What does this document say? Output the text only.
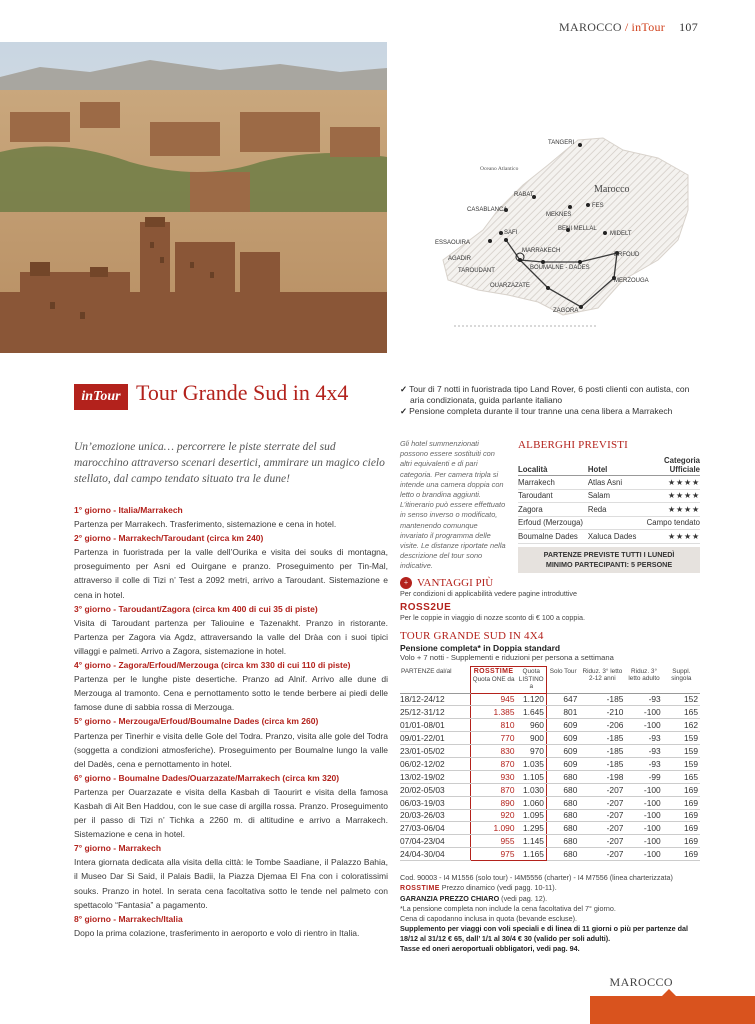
MAROCCO / inTour 107
Oceano Atlantico
Marocco
TANGERI
RABAT
CASABLANCA
MEKNES
FES
BENI MELLAL
MIDELT
SAFI
ESSAOUIRA
MARRAKECH
ERFOUD
AGADIR
TAROUDANT	BOUMALNE - DADES
OUARZAZATE
MERZOUGA
ZAGORA
inTour Tour Grande Sud in 4x4	✓ Tour di 7 notti in fuoristrada tipo Land Rover, 6 posti clienti con autista, con aria condizionata, guida parlante italiano
✓ Pensione completa durante il tour tranne una cena libera a Marrakech
Un’emozione unica… percorrere le piste sterrate del sud marocchino attraverso scenari desertici, ammirare un magico cielo stellato, dal campo tendato situato tra le dune!
1° giorno - Italia/Marrakech
Partenza per Marrakech. Trasferimento, sistemazione e cena in hotel.
2° giorno - Marrakech/Taroudant (circa km 240)
Partenza in fuoristrada per la valle dell’Ourika e visita dei souks di montagna, proseguimento per Asni ed Ouirgane e pranzo. Proseguimento per Tin-Mal, attraverso il colle di Tizi n’ Test a 2092 metri, arrivo a Taroudant. Sistemazione e cena in hotel.
3° giorno - Taroudant/Zagora (circa km 400 di cui 35 di piste)
Visita di Taroudant partenza per Taliouine e Tazenakht. Pranzo in ristorante. Partenza per Zagora via Agdz, attraversando la valle del Dràa con i suoi tipici villaggi e palmeti. Arrivo a Zagora, sistemazione in hotel.
4° giorno - Zagora/Erfoud/Merzouga (circa km 330 di cui 110 di piste)
Partenza per le lunghe piste desertiche. Pranzo ad Alnif. Arrivo alle dune di Merzouga al tramonto. Cena e pernottamento sotto le tende berbere ai piedi delle famose dune di sabbia rossa di Merzouga.
5° giorno - Merzouga/Erfoud/Boumalne Dades (circa km 260)
Partenza per Tinerhir e visita delle Gole del Todra. Pranzo, visita alle gole del Todra (soggetta a condizioni atmosferiche). Proseguimento per Boumalne lungo la valle del Dadès, cena e pernottamento in hotel.
6° giorno - Boumalne Dades/Ouarzazate/Marrakech (circa km 320)
Partenza per Ouarzazate e visita della Kasbah di Taourirt e visita della famosa Kasbah di Ait Ben Haddou, con le sue case di argilla rossa. Pranzo. Proseguimento per il passo di Tizi n’ Tichka a 2260 m. di altitudine e arrivo a Marrakech. Sistemazione e cena in hotel.
7° giorno - Marrakech
Intera giornata dedicata alla visita della città: le Tombe Saadiane, il Palazzo Bahia, il Museo Dar Si Said, il Palais Badii, la Piazza Djemaa El Fna con i coloratissimi souks. Pranzo in hotel. In serata cena facoltativa sotto le tende nel palmeto con spettacolo “Fantasia” a pagamento.
8° giorno - Marrakech/Italia
Dopo la prima colazione, trasferimento in aeroporto e volo di rientro in Italia.
Gli hotel summenzionati possono essere sostituiti con altri equivalenti e di pari categoria. Per camera tripla si intende una camera doppia con letto o brandina aggiunti. L’itinerario può essere effettuato in senso inverso o modificato, mantenendo comunque invariato il programma delle visite. Le distanze riportate nella descrizione del tour sono indicative.
ALBERGHI PREVISTI
Località	Hotel	Categoria Ufficiale
Marrakech	Atlas Asni	★★★★
Taroudant	Salam	★★★★
Zagora	Reda	★★★★
Erfoud (Merzouga)		Campo tendato
Boumalne Dades	Xaluca Dades	★★★★
PARTENZE PREVISTE TUTTI I LUNEDÌ
MINIMO PARTECIPANTI: 5 PERSONE
+ VANTAGGI PIÙ
Per condizioni di applicabilità vedere pagine introduttive
ROSS2UE
Per le coppie in viaggio di nozze sconto di € 100 a coppia.
TOUR GRANDE SUD IN 4X4
Pensione completa* in Doppia standard
Volo + 7 notti - Supplementi e riduzioni per persona a settimana
PARTENZE dal/al	ROSSTIME
Quota ONE da	Quota LISTINO a	Solo Tour	Riduz. 3° letto 2-12 anni	Riduz. 3° letto adulto	Suppl. singola
18/12-24/12	945	1.120	647	-185	-93	152
25/12-31/12	1.385	1.645	801	-210	-100	165
01/01-08/01	810	960	609	-206	-100	162
09/01-22/01	770	900	609	-185	-93	159
23/01-05/02	830	970	609	-185	-93	159
06/02-12/02	870	1.035	609	-185	-93	159
13/02-19/02	930	1.105	680	-198	-99	165
20/02-05/03	870	1.030	680	-207	-100	169
06/03-19/03	890	1.060	680	-207	-100	169
20/03-26/03	920	1.095	680	-207	-100	169
27/03-06/04	1.090	1.295	680	-207	-100	169
07/04-23/04	955	1.145	680	-207	-100	169
24/04-30/04	975	1.165	680	-207	-100	169
Cod. 90003 - I4 M1556 (solo tour) - I4M5556 (charter) - I4 M7556 (linea charterizzata)
ROSSTIME Prezzo dinamico (vedi pagg. 10-11).
GARANZIA PREZZO CHIARO (vedi pag. 12).
*La pensione completa non include la cena facoltativa del 7° giorno.
Cena di capodanno inclusa in quota (bevande escluse).
Supplemento per viaggi con voli speciali e di linea di 11 giorni o più per partenze dal 18/12 al 31/12 € 65, dall’ 1/1 al 30/4 € 30 (valido per soli adulti).
Tasse ed oneri aeroportuali obbligatori, vedi pag. 94.
MAROCCO
